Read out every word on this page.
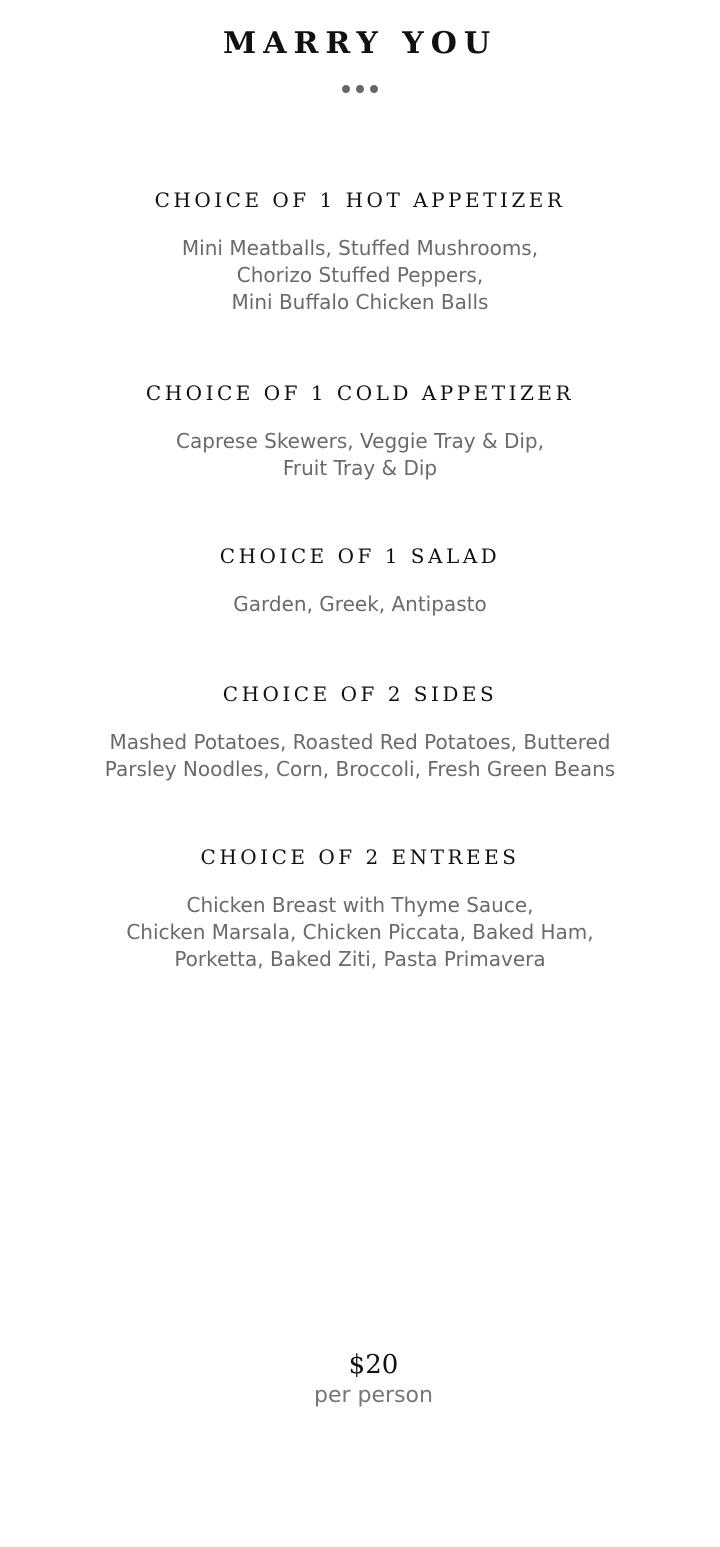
MARRY YOU
CHOICE OF 1 HOT APPETIZER

Mini Meatballs, Stuffed Mushrooms,
Chorizo Stuffed Peppers,
Mini Buffalo Chicken Balls

CHOICE OF 1 COLD APPETIZER

Caprese Skewers, Veggie Tray & Dip,
Fruit Tray & Dip

CHOICE OF 1 SALAD

Garden, Greek, Antipasto

CHOICE OF 2 SIDES

Mashed Potatoes, Roasted Red Potatoes, Buttered
Parsley Noodles, Corn, Broccoli, Fresh Green Beans

CHOICE OF 2 ENTREES

Chicken Breast with Thyme Sauce,
Chicken Marsala, Chicken Piccata, Baked Ham,
Porketta, Baked Ziti, Pasta Primavera

$20

per person
